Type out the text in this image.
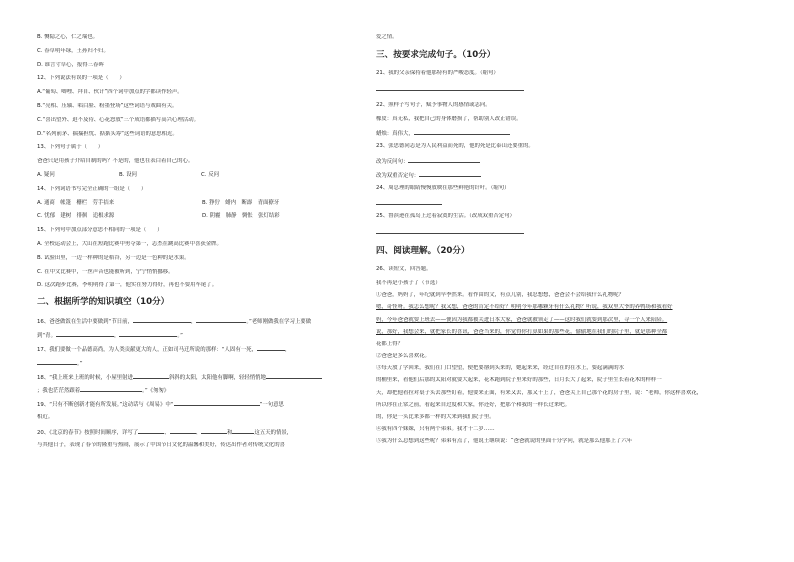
B. 恻隐之心，仁之端也。
C. 春草明年绿，王孙归不归。
D. 谁言寸草心，报得三春晖
12、下列说法有误的一项是（　　）
A.“葡萄、唧哩、拜苜、伙计”四个词中加点的字都读作轻声。
B.“亮相、压轴、唱白脸、粉墨登场”这些词语与戏曲有关。
C.“喜出望外、迫不及待、心花怒放”三个成语都描写高兴心理活动。
D.“名列前茅、揣揣担忧、掂掂头筹”这些词语的意思相近。
13、下列句子属于（　　）
爸爸只是用孩子介绍自制的吗？不是的，他也在表白着自己的心。
A. 疑问	B. 设问	C. 反问
14、下列词语书写完全正确的一组是（　　）
A. 通商　帐篷　栅栏　劳手拮来	B. 狰狞　蜡内　断霹　青面獠牙
C. 忧郁　建树　徘徊　追根求源	D. 阴霾　肺静　惆怅　张灯结彩
15、下列句中加点部分意思不相同的一项是（　　）
A. 全校运动会上，大山在短跑比赛中勇夺第一，志杰在跳高比赛中喜获金牌。
B. 试验田里，一边一样种的是稻谷，另一边是一色种的是水果。
C. 在中文比赛中，一丝声音也能被听到，宁宁悄悄挪移。
D. 这次跑步比赛，李明明得了第一，他实在努力得好，再也不要用车尾了。
二、根据所学的知识填空（10分）
16、爸爸做饭在生活中要做到“节日前，	，	。”老师刚做我在学习上要做
到“青。	，	。”
17、我们要做一个品德高尚，为人类贡献更大的人，正如司马迁所说的那样：“人固有一死，	，
。”
18、“我上班来上班的时候，小屋里射进	斜斜的太阳，太阳他有脚啊，轻轻悄悄地
；我也茫茫然跟着	。”《匆匆》
19、“只有不断创新才能有所发展。”这动话与《周易》中“	”一句意思
相近。
20、《北京的春节》按照时间顺序，详写了	、	、	和	这五天的情景，
与其他日子，表现了春节的隆重与热闹，展示了中国节日文化的温馨和美好，传达出作者对传统文化的喜
爱之情。
三、按要求完成句子。（10分）
21、我的父亲保持着他那特有的严峻态度。（缩句）
22、照样子写句子，赋予事物人的感情或志向。
橡皮：真无私，我把自己的身体磨损了，帮助别人改正错误。
蜡烛：真伟大，
23、张思德同志是为人民利益而死的，他的死是比泰山还要重的。
改为反问句：
改为双重否定句：
24、周总理的眼睛慢慢放映在那些鲜艳的针叶。（缩句）
25、鲁滨逊在孤岛上过着寂寞的生活。（改成双重否定句）
四、阅读理解。（20分）
26、读短文，回答题。
我不再是小孩子了（节选）
①爸爸，妈妈了，年纪就到早季然来。看作由的文，有点儿别，我忍想想，爸爸会不会给我什么礼物呢？
嗯，奇怪呀。我怎么想呢？我又想，爸爸的肯定不给好？明明今年那哪颗牙有什么礼物？听说，我双里大爷的养鸭场和我看好
妈，今年爸爸就要上班去——便因为我都被关进日本大家，爸爸就被领走了——这时我们就要到那次里，寻一个人来陪陪。
说，那好，我想会来，就把家长的喜讯，爸爸当来的，你觉得你打算如果的那些花，偷偷地在我们的院子里，就是那种全都
花都上得？
②爸爸是多么喜欢花。
③每天放了学回来，我们在门口望望，便把要掰到头来的，她起来来，经过自在的在水上，要起满满的水
的桶里来，看他们后那的太阳对就要大起来，花木跑到院子里来好的那些，日月长大了起来，院子里生长着花木的样样一
天，却把他看拉对桌子头去那些盯着，他要来正面，有来又去，那又干上了，爸爸关上自己那个花的房子里，说：“老师，你这样喜欢花，
所以你在正常之前，看起来自过度和大家，你还好，把那个和我的一样长过来吧。
的，你是一头比来多都一样的大来到我们院子里。
④我有四个妹妹，只有两个弟弟。我才十二岁……
⑤我为什么总想到这些呢？弟弟有点了，他说王继续说：“爸爸就说的里面十分学问，就是那么他那上了六年
